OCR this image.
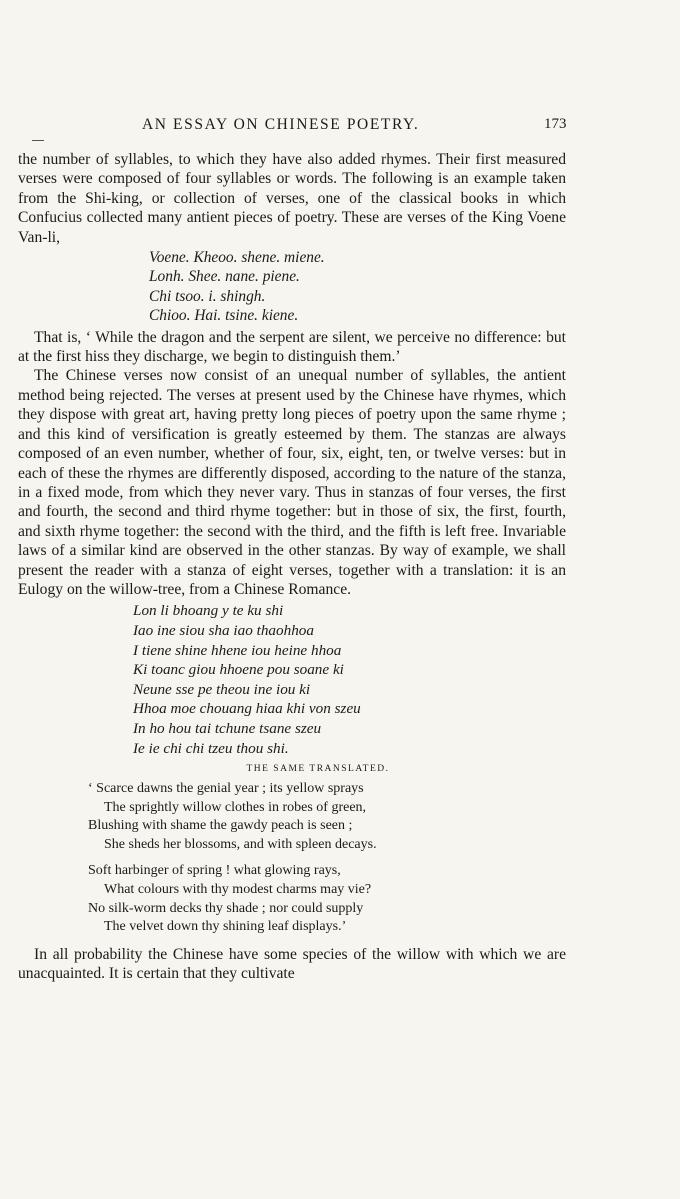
AN ESSAY ON CHINESE POETRY.	173

the number of syllables, to which they have also added rhymes. Their first measured verses were composed of four syllables or words. The following is an example taken from the Shi-king, or collection of verses, one of the classical books in which Confucius collected many antient pieces of poetry. These are verses of the King Voene Van-li,

Voene. Kheoo. shene. miene.
Lonh. Shee. nane. piene.
Chi tsoo. i. shingh.
Chioo. Hai. tsine. kiene.

That is, ‘ While the dragon and the serpent are silent, we perceive no difference: but at the first hiss they discharge, we begin to distinguish them.’

The Chinese verses now consist of an unequal number of syllables, the antient method being rejected. The verses at present used by the Chinese have rhymes, which they dispose with great art, having pretty long pieces of poetry upon the same rhyme ; and this kind of versification is greatly esteemed by them. The stanzas are always composed of an even number, whether of four, six, eight, ten, or twelve verses: but in each of these the rhymes are differently disposed, according to the nature of the stanza, in a fixed mode, from which they never vary. Thus in stanzas of four verses, the first and fourth, the second and third rhyme together: but in those of six, the first, fourth, and sixth rhyme together: the second with the third, and the fifth is left free. Invariable laws of a similar kind are observed in the other stanzas. By way of example, we shall present the reader with a stanza of eight verses, together with a translation: it is an Eulogy on the willow-tree, from a Chinese Romance.

Lon li bhoang y te ku shi
Iao ine siou sha iao thaohhoa
I tiene shine hhene iou heine hhoa
Ki toanc giou hhoene pou soane ki
Neune sse pe theou ine iou ki
Hhoa moe chouang hiaa khi von szeu
In ho hou tai tchune tsane szeu
Ie ie chi chi tzeu thou shi.
THE SAME TRANSLATED.
‘ Scarce dawns the genial year ; its yellow sprays
The sprightly willow clothes in robes of green,
Blushing with shame the gawdy peach is seen ;
She sheds her blossoms, and with spleen decays.
Soft harbinger of spring ! what glowing rays,
What colours with thy modest charms may vie?
No silk-worm decks thy shade ; nor could supply
The velvet down thy shining leaf displays.’

In all probability the Chinese have some species of the willow with which we are unacquainted. It is certain that they cultivate
